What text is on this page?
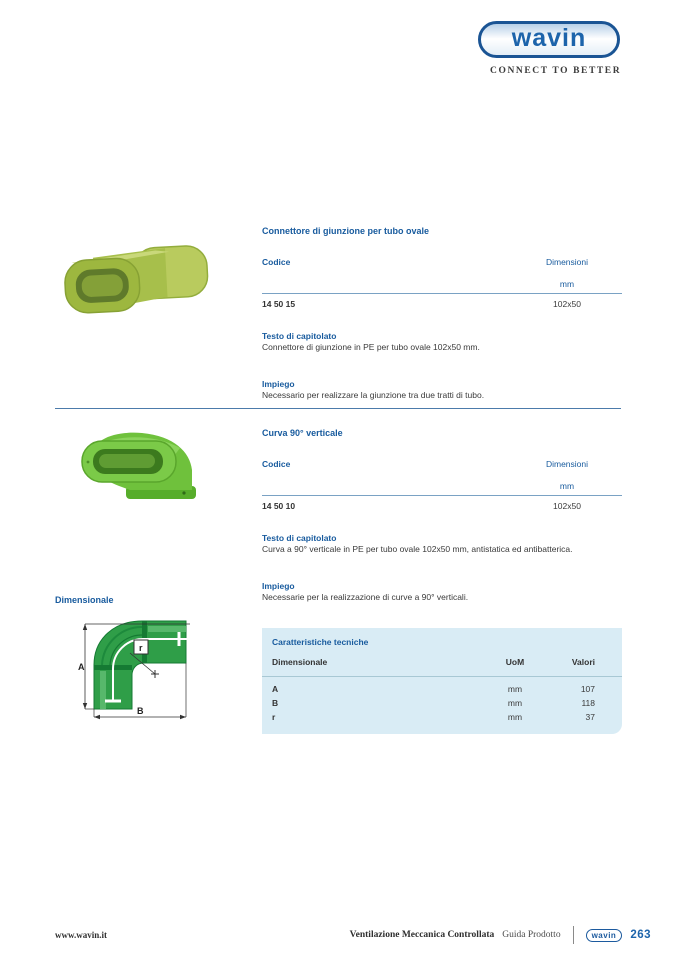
wavin
CONNECT TO BETTER
Connettore di giunzione per tubo ovale
Codice	Dimensioni
mm
14 50 15	102x50

Testo di capitolato

Connettore di giunzione in PE per tubo ovale 102x50 mm.

Impiego

Necessario per realizzare la giunzione tra due tratti di tubo.

Curva 90° verticale
Codice	Dimensioni
mm
14 50 10	102x50

Testo di capitolato

Curva a 90° verticale in PE per tubo ovale 102x50 mm, antistatica ed antibatterica.

Impiego

Necessarie per la realizzazione di curve a 90° verticali.

Dimensionale
A
B
r

Caratteristiche tecniche

Dimensionale	UoM	Valori
A	mm	107
B	mm	118
r	mm	37
www.wavin.it	Ventilazione Meccanica Controllata Guida Prodotto	wavin	263
